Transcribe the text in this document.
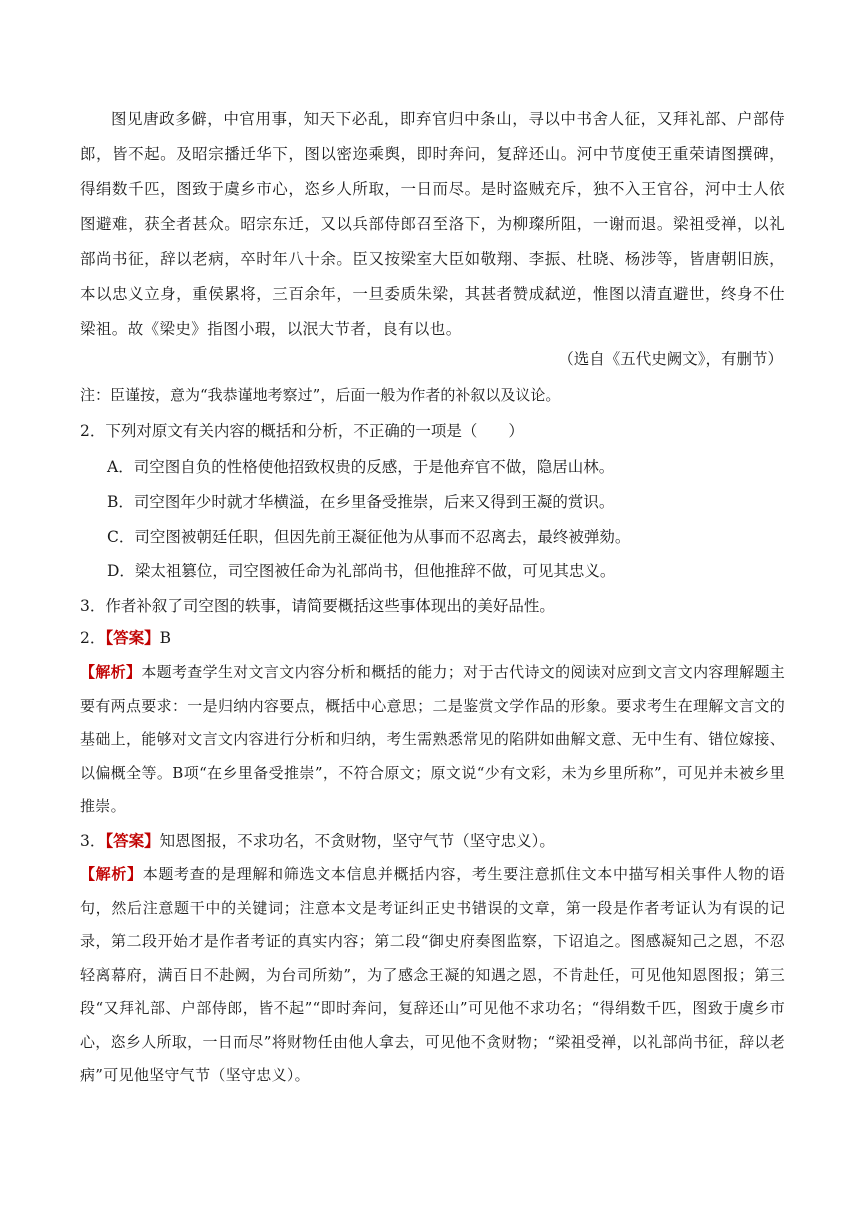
图见唐政多僻，中官用事，知天下必乱，即弃官归中条山，寻以中书舍人征，又拜礼部、户部侍郎，皆不起。及昭宗播迁华下，图以密迩乘舆，即时奔问，复辞还山。河中节度使王重荣请图撰碑，得绢数千匹，图致于虞乡市心，恣乡人所取，一日而尽。是时盗贼充斥，独不入王官谷，河中士人依图避难，获全者甚众。昭宗东迁，又以兵部侍郎召至洛下，为柳璨所阻，一谢而退。梁祖受禅，以礼部尚书征，辞以老病，卒时年八十余。臣又按梁室大臣如敬翔、李振、杜晓、杨涉等，皆唐朝旧族，本以忠义立身，重侯累将，三百余年，一旦委质朱梁，其甚者赞成弑逆，惟图以清直避世，终身不仕梁祖。故《梁史》指图小瑕，以泯大节者，良有以也。

（选自《五代史阙文》，有删节）

注：臣谨按，意为“我恭谨地考察过”，后面一般为作者的补叙以及议论。

2．下列对原文有关内容的概括和分析，不正确的一项是（　　）

A．司空图自负的性格使他招致权贵的反感，于是他弃官不做，隐居山林。

B．司空图年少时就才华横溢，在乡里备受推崇，后来又得到王凝的赏识。

C．司空图被朝廷任职，但因先前王凝征他为从事而不忍离去，最终被弹劾。

D．梁太祖篡位，司空图被任命为礼部尚书，但他推辞不做，可见其忠义。

3．作者补叙了司空图的轶事，请简要概括这些事体现出的美好品性。

2．【答案】B

【解析】本题考查学生对文言文内容分析和概括的能力；对于古代诗文的阅读对应到文言文内容理解题主要有两点要求：一是归纳内容要点，概括中心意思；二是鉴赏文学作品的形象。要求考生在理解文言文的基础上，能够对文言文内容进行分析和归纳，考生需熟悉常见的陷阱如曲解文意、无中生有、错位嫁接、以偏概全等。B项“在乡里备受推崇”，不符合原文；原文说“少有文彩，未为乡里所称”，可见并未被乡里推崇。

3．【答案】知恩图报，不求功名，不贪财物，坚守气节（坚守忠义）。

【解析】本题考查的是理解和筛选文本信息并概括内容，考生要注意抓住文本中描写相关事件人物的语句，然后注意题干中的关键词；注意本文是考证纠正史书错误的文章，第一段是作者考证认为有误的记录，第二段开始才是作者考证的真实内容；第二段“御史府奏图监察，下诏追之。图感凝知己之恩，不忍轻离幕府，满百日不赴阙，为台司所劾”，为了感念王凝的知遇之恩，不肯赴任，可见他知恩图报；第三段“又拜礼部、户部侍郎，皆不起”“即时奔问，复辞还山”可见他不求功名；“得绢数千匹，图致于虞乡市心，恣乡人所取，一日而尽”将财物任由他人拿去，可见他不贪财物；“梁祖受禅，以礼部尚书征，辞以老病”可见他坚守气节（坚守忠义）。
